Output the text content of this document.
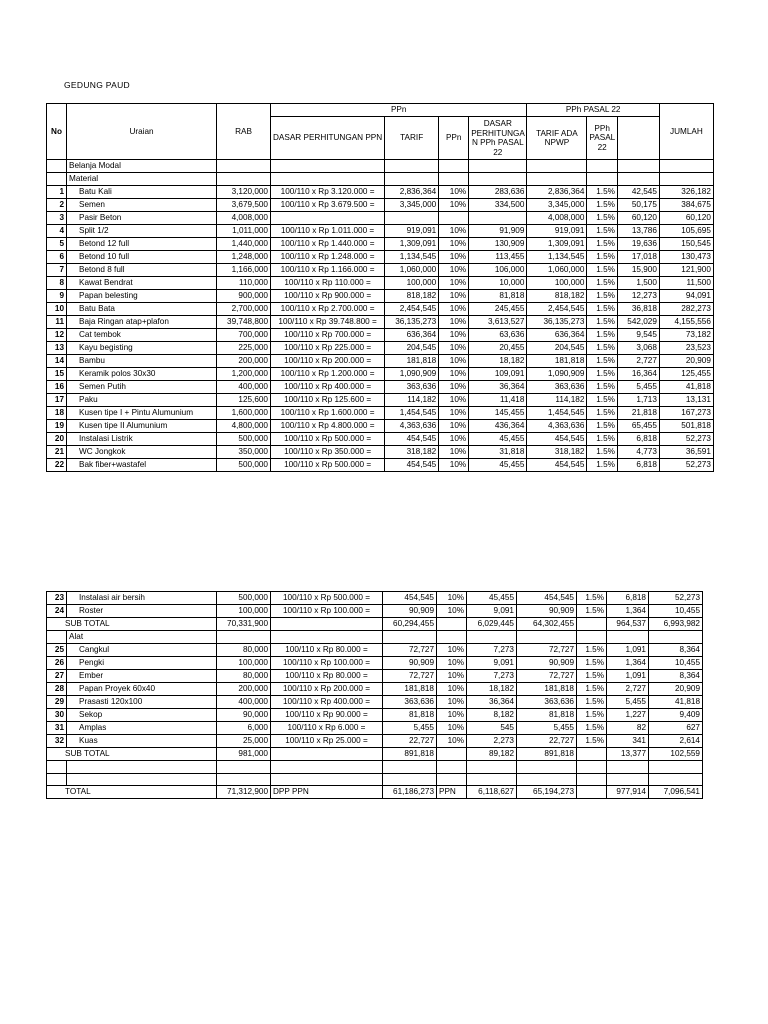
GEDUNG PAUD
No	Uraian	RAB	PPn				PPh PASAL 22			JUMLAH
			DASAR PERHITUNGAN PPN	TARIF	PPn	DASAR PERHITUNGA N PPh PASAL 22	TARIF ADA NPWP	PPh PASAL 22	

	Belanja Modal									
	Material									
1	Batu Kali	3,120,000	100/110 x Rp 3.120.000 =	2,836,364	10%	283,636	2,836,364	1.5%	42,545	326,182
2	Semen	3,679,500	100/110 x Rp 3.679.500 =	3,345,000	10%	334,500	3,345,000	1.5%	50,175	384,675
3	Pasir Beton	4,008,000					4,008,000	1.5%	60,120	60,120
4	Split 1/2	1,011,000	100/110 x Rp 1.011.000 =	919,091	10%	91,909	919,091	1.5%	13,786	105,695
5	Betond 12 full	1,440,000	100/110 x Rp 1.440.000 =	1,309,091	10%	130,909	1,309,091	1.5%	19,636	150,545
6	Betond 10 full	1,248,000	100/110 x Rp 1.248.000 =	1,134,545	10%	113,455	1,134,545	1.5%	17,018	130,473
7	Betond 8 full	1,166,000	100/110 x Rp 1.166.000 =	1,060,000	10%	106,000	1,060,000	1.5%	15,900	121,900
8	Kawat Bendrat	110,000	100/110 x Rp 110.000 =	100,000	10%	10,000	100,000	1.5%	1,500	11,500
9	Papan belesting	900,000	100/110 x Rp 900.000 =	818,182	10%	81,818	818,182	1.5%	12,273	94,091
10	Batu Bata	2,700,000	100/110 x Rp 2.700.000 =	2,454,545	10%	245,455	2,454,545	1.5%	36,818	282,273
11	Baja Ringan atap+plafon	39,748,800	100/110 x Rp 39.748.800 =	36,135,273	10%	3,613,527	36,135,273	1.5%	542,029	4,155,556
12	Cat tembok	700,000	100/110 x Rp 700.000 =	636,364	10%	63,636	636,364	1.5%	9,545	73,182
13	Kayu begisting	225,000	100/110 x Rp 225.000 =	204,545	10%	20,455	204,545	1.5%	3,068	23,523
14	Bambu	200,000	100/110 x Rp 200.000 =	181,818	10%	18,182	181,818	1.5%	2,727	20,909
15	Keramik polos 30x30	1,200,000	100/110 x Rp 1.200.000 =	1,090,909	10%	109,091	1,090,909	1.5%	16,364	125,455
16	Semen Putih	400,000	100/110 x Rp 400.000 =	363,636	10%	36,364	363,636	1.5%	5,455	41,818
17	Paku	125,600	100/110 x Rp 125.600 =	114,182	10%	11,418	114,182	1.5%	1,713	13,131
18	Kusen tipe I + Pintu Alumunium	1,600,000	100/110 x Rp 1.600.000 =	1,454,545	10%	145,455	1,454,545	1.5%	21,818	167,273
19	Kusen tipe II Alumunium	4,800,000	100/110 x Rp 4.800.000 =	4,363,636	10%	436,364	4,363,636	1.5%	65,455	501,818
20	Instalasi Listrik	500,000	100/110 x Rp 500.000 =	454,545	10%	45,455	454,545	1.5%	6,818	52,273
21	WC Jongkok	350,000	100/110 x Rp 350.000 =	318,182	10%	31,818	318,182	1.5%	4,773	36,591
22	Bak fiber+wastafel	500,000	100/110 x Rp 500.000 =	454,545	10%	45,455	454,545	1.5%	6,818	52,273
23	Instalasi air bersih	500,000	100/110 x Rp 500.000 =	454,545	10%	45,455	454,545	1.5%	6,818	52,273
24	Roster	100,000	100/110 x Rp 100.000 =	90,909	10%	9,091	90,909	1.5%	1,364	10,455
SUB TOTAL		70,331,900		60,294,455		6,029,445	64,302,455		964,537	6,993,982
	Alat									
25	Cangkul	80,000	100/110 x Rp 80.000 =	72,727	10%	7,273	72,727	1.5%	1,091	8,364
26	Pengki	100,000	100/110 x Rp 100.000 =	90,909	10%	9,091	90,909	1.5%	1,364	10,455
27	Ember	80,000	100/110 x Rp 80.000 =	72,727	10%	7,273	72,727	1.5%	1,091	8,364
28	Papan Proyek 60x40	200,000	100/110 x Rp 200.000 =	181,818	10%	18,182	181,818	1.5%	2,727	20,909
29	Prasasti 120x100	400,000	100/110 x Rp 400.000 =	363,636	10%	36,364	363,636	1.5%	5,455	41,818
30	Sekop	90,000	100/110 x Rp 90.000 =	81,818	10%	8,182	81,818	1.5%	1,227	9,409
31	Amplas	6,000	100/110 x Rp 6.000 =	5,455	10%	545	5,455	1.5%	82	627
32	Kuas	25,000	100/110 x Rp 25.000 =	22,727	10%	2,273	22,727	1.5%	341	2,614
SUB TOTAL		981,000		891,818		89,182	891,818		13,377	102,559

TOTAL		71,312,900	DPP PPN	61,186,273	PPN	6,118,627	65,194,273		977,914	7,096,541
